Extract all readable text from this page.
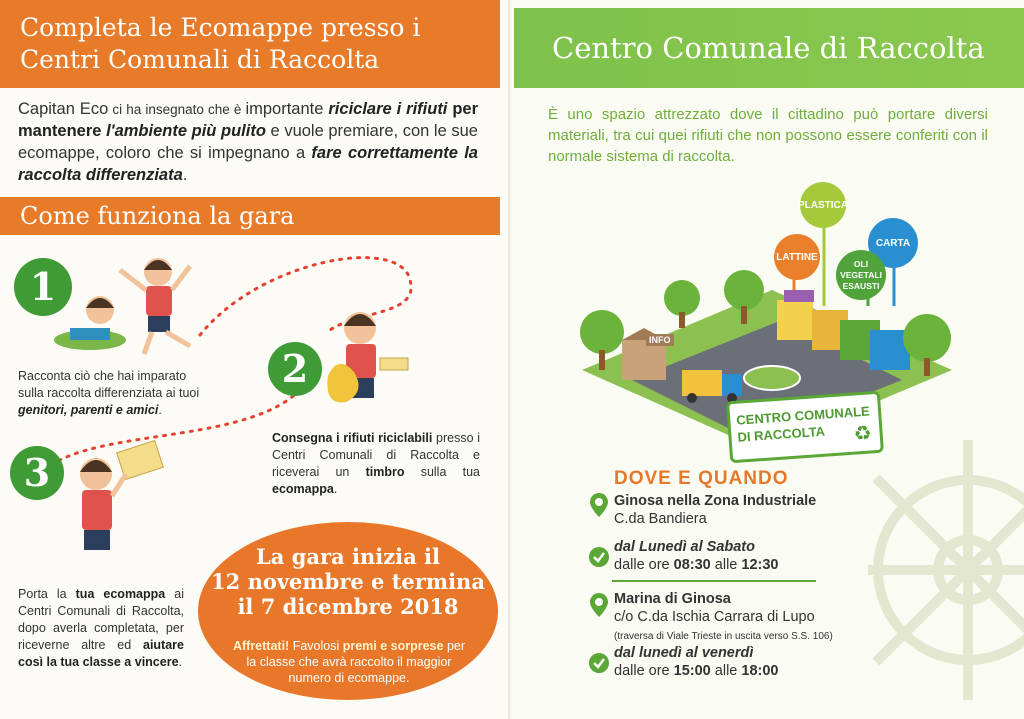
Completa le Ecomappe presso i
Centri Comunali di Raccolta
Capitan Eco ci ha insegnato che è importante riciclare i rifiuti per mantenere l'ambiente più pulito e vuole premiare, con le sue ecomappe, coloro che si impegnano a fare correttamente la raccolta differenziata.
Come funziona la gara
1
Racconta ciò che hai imparato sulla raccolta differenziata ai tuoi genitori, parenti e amici.
2
Consegna i rifiuti riciclabili presso i Centri Comunali di Raccolta e riceverai un timbro sulla tua ecomappa.
3
Porta la tua ecomappa ai Centri Comunali di Raccolta, dopo averla completata, per riceverne altre ed aiutare così la tua classe a vincere.
La gara inizia il
12 novembre e termina
il 7 dicembre 2018
Affrettati! Favolosi premi e sorprese per la classe che avrà raccolto il maggior numero di ecomappe.
Centro Comunale di Raccolta
È uno spazio attrezzato dove il cittadino può portare diversi materiali, tra cui quei rifiuti che non possono essere conferiti con il normale sistema di raccolta.
PLASTICA
LATTINE
CARTA
OLI
VEGETALI
ESAUSTI
INFO
CENTRO COMUNALE
DI RACCOLTA	♻
DOVE E QUANDO
Ginosa nella Zona Industriale
C.da Bandiera
dal Lunedì al Sabato
dalle ore 08:30 alle 12:30
Marina di Ginosa
c/o C.da Ischia Carrara di Lupo
(traversa di Viale Trieste in uscita verso S.S. 106)
dal lunedì al venerdì
dalle ore 15:00 alle 18:00
